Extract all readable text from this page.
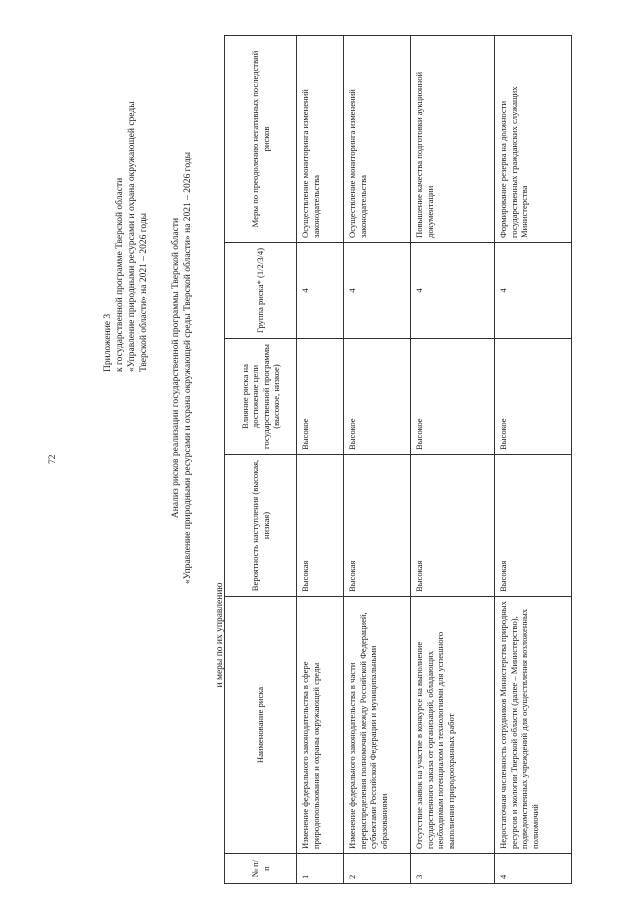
72
Приложение 3 к государственной программе Тверской области «Управление природными ресурсами и охрана окружающей среды Тверской области» на 2021 – 2026 годы Анализ рисков реализации государственной программы Тверской области «Управление природными ресурсами и охрана окружающей среды Тверской области» на 2021 – 2026 годы
и меры по их управлению
№ п/п	Наименование риска	Вероятность наступления (высокая, низкая)	Влияние риска на достижение цели государственной программы (высокое, низкое)	Группа риска* (1/2/3/4)	Меры по преодолению негативных последствий рисков
1	Изменение федерального законодательства в сфере природопользования и охраны окружающей среды	Высокая	Высокое	4	Осуществление мониторинга изменений законодательства
2	Изменение федерального законодательства в части перераспределения полномочий между Российской Федерацией, субъектами Российской Федерации и муниципальными образованиями	Высокая	Высокое	4	Осуществление мониторинга изменений законодательства
3	Отсутствие заявок на участие в конкурсе на выполнение государственного заказа от организаций, обладающих необходимым потенциалом и технологиями для успешного выполнения природоохранных работ	Высокая	Высокое	4	Повышение качества подготовки аукционной документации
4	Недостаточная численность сотрудников Министерства природных ресурсов и экологии Тверской области (далее – Министерство), подведомственных учреждений для осуществления возложенных полномочий	Высокая	Высокое	4	Формирование резерва на должности государственных гражданских служащих Министерства
